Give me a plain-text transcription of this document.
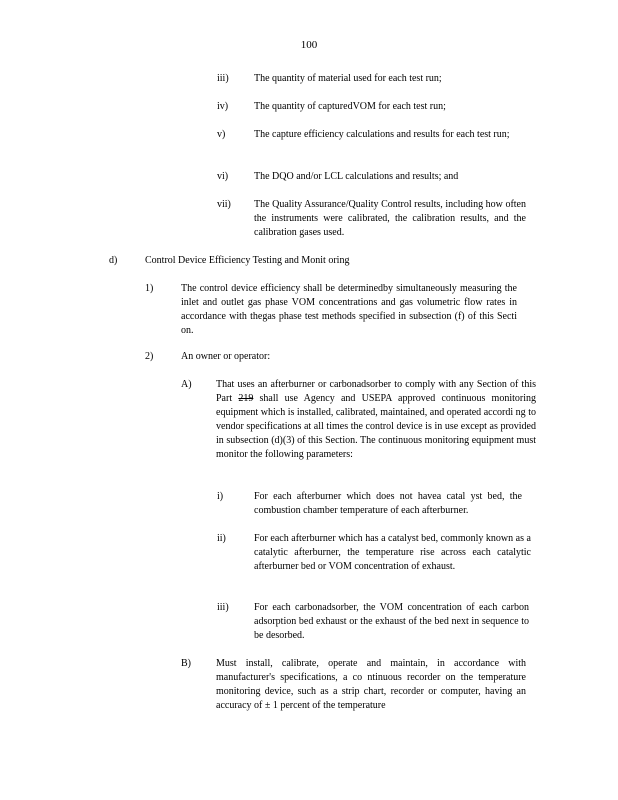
100
iii)	The quantity of material used for each test run;
iv)	The quantity of capturedVOM for each test run;
v)	The capture efficiency calculations and results for each test run;
vi)	The DQO and/or LCL calculations and results; and
vii) The Quality Assurance/Quality Control results, including how often the instruments were calibrated, the calibration results, and the calibration gases used.
d)	Control Device Efficiency Testing and Monit oring
1)	The control device efficiency shall be determinedby simultaneously measuring the inlet and outlet gas phase VOM concentrations and gas volumetric flow rates in accordance with thegas phase test methods specified in subsection (f) of this Secti on.
2)	An owner or operator:
A) That uses an afterburner or carbonadsorber to comply with any Section of this Part 219 shall use Agency and USEPA approved continuous monitoring equipment which is installed, calibrated, maintained, and operated accordi ng to vendor specifications at all times the control device is in use except as provided in subsection (d)(3) of this Section. The continuous monitoring equipment must monitor the following parameters:
i)	For each afterburner which does not havea catal yst bed, the combustion chamber temperature of each afterburner.
ii)	For each afterburner which has a catalyst bed, commonly known as a catalytic afterburner, the temperature rise across each catalytic afterburner bed or VOM concentration of exhaust.
iii)	For each carbonadsorber, the VOM concentration of each carbon adsorption bed exhaust or the exhaust of the bed next in sequence to be desorbed.
B)	Must install, calibrate, operate and maintain, in accordance with manufacturer's specifications, a co ntinuous recorder on the temperature monitoring device, such as a strip chart, recorder or computer, having an accuracy of ± 1 percent of the temperature
